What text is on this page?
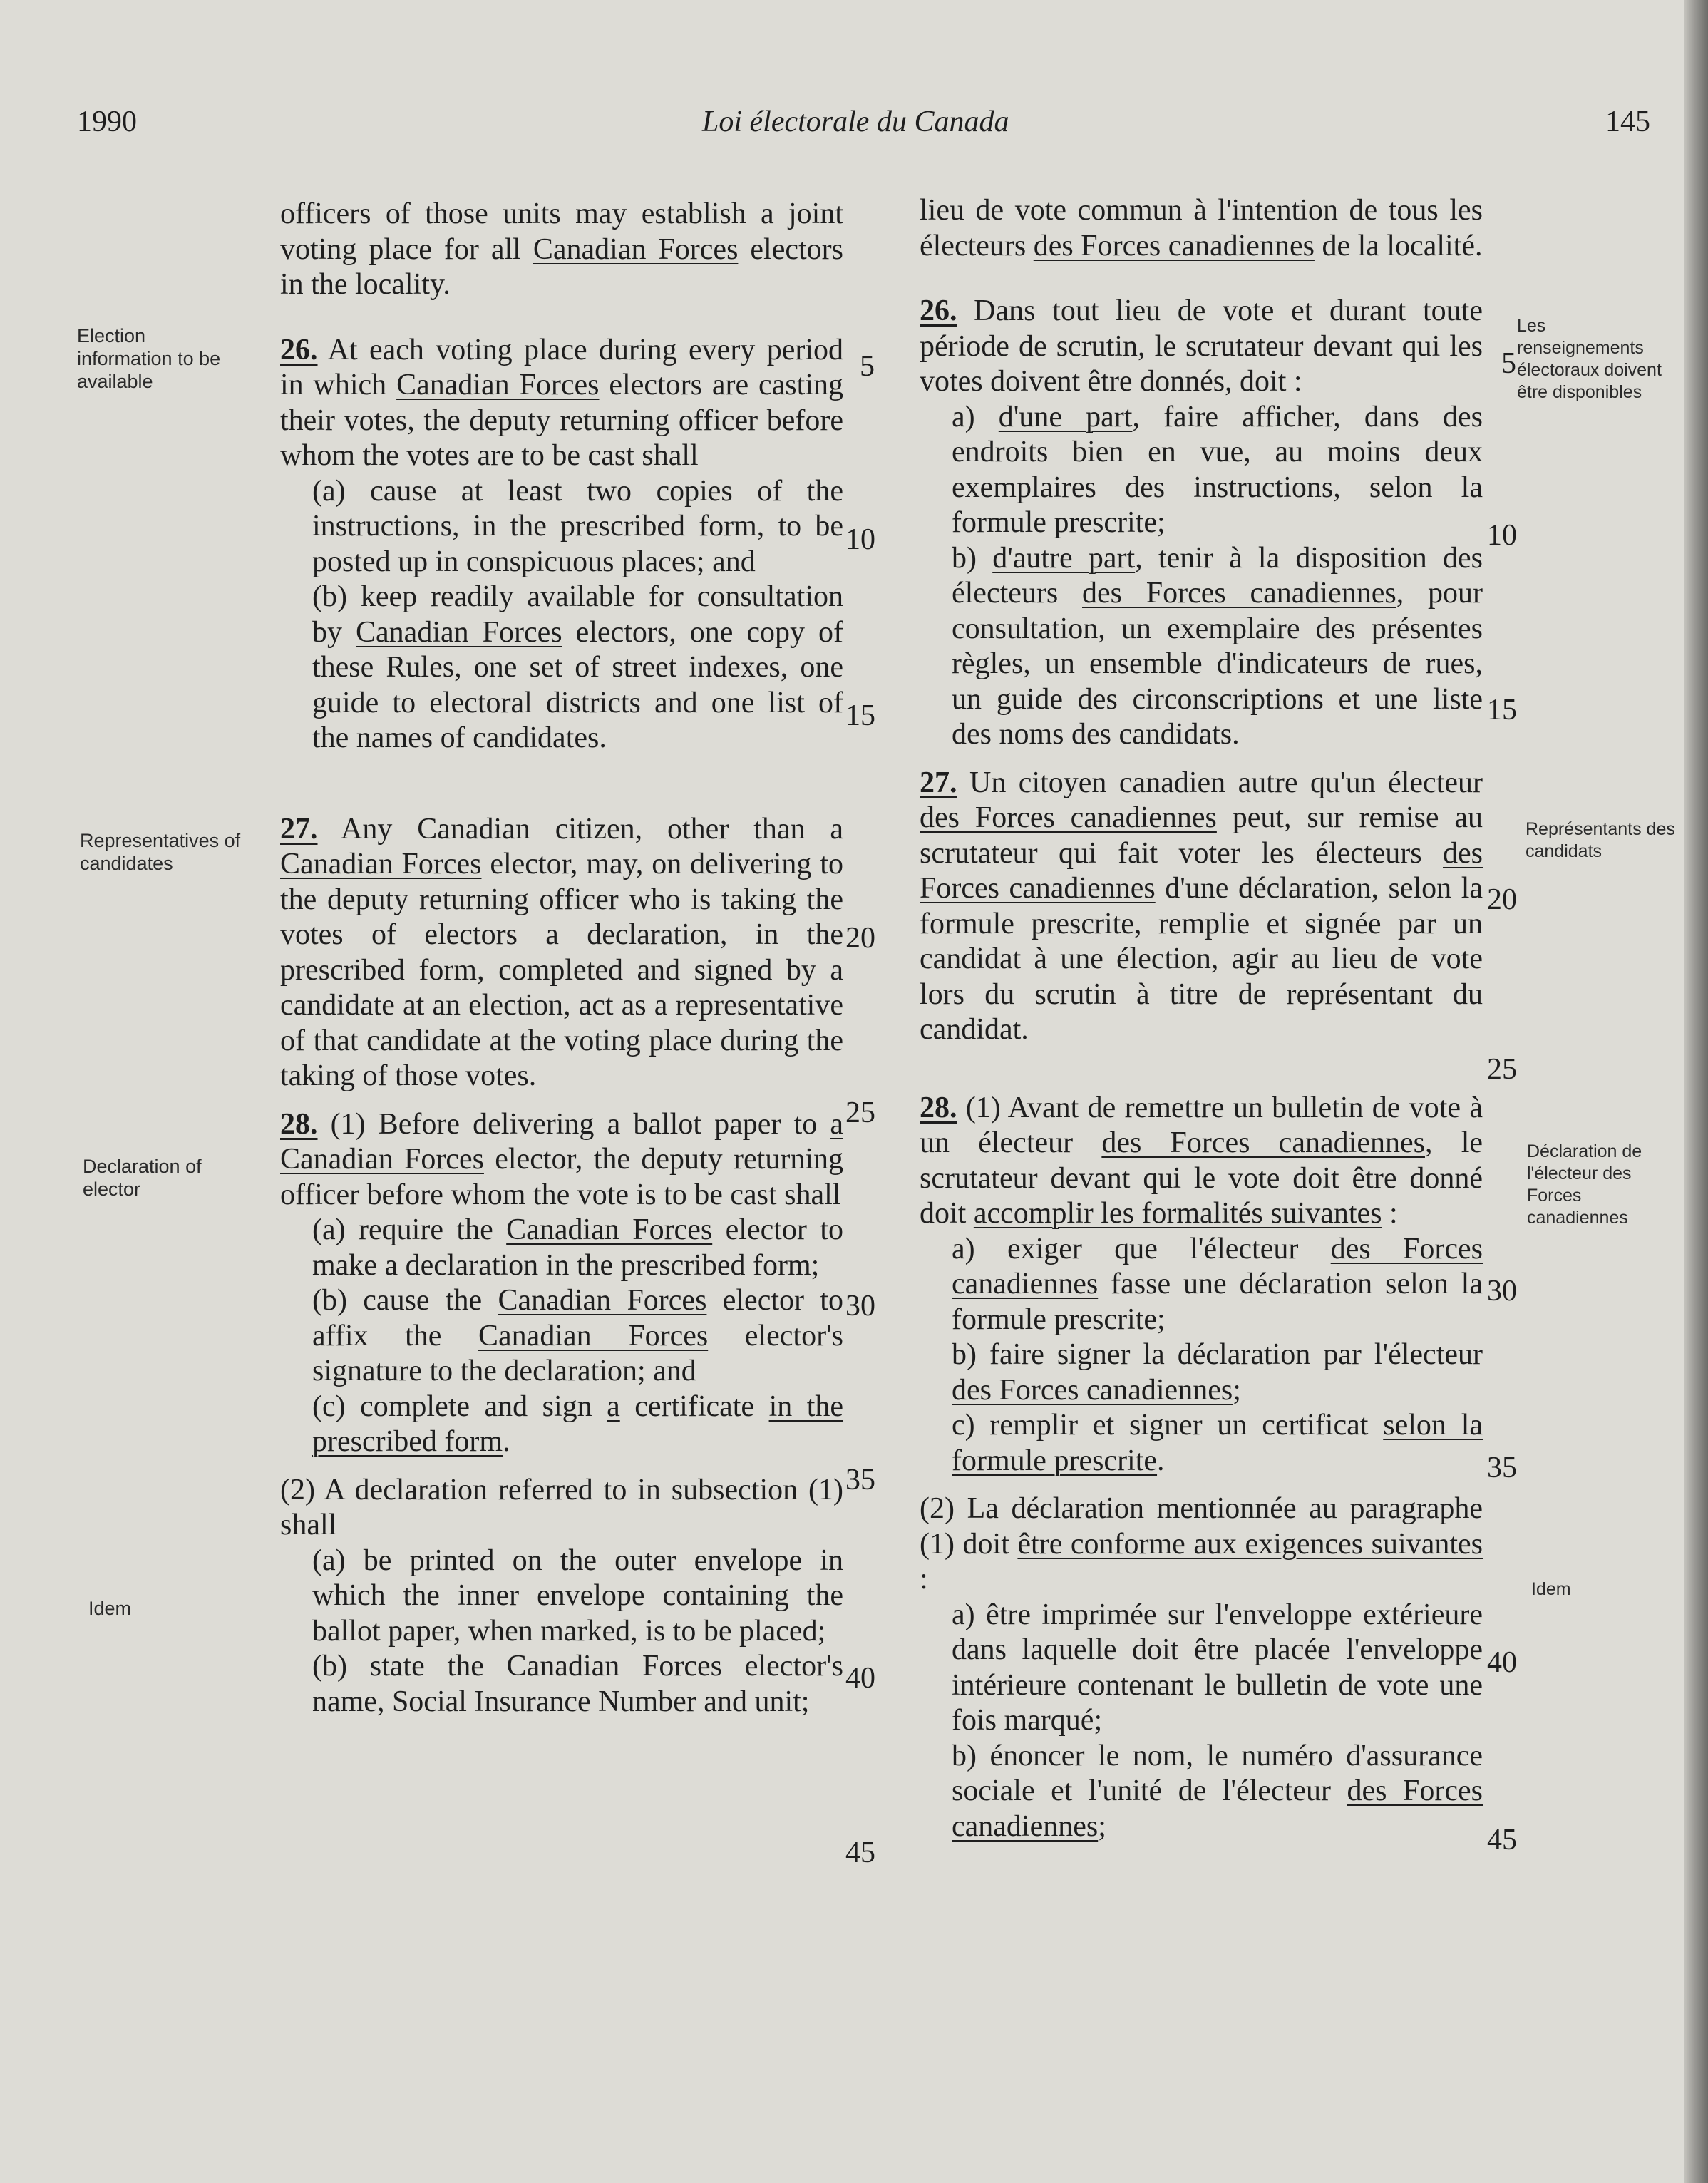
1990	Loi électorale du Canada	145
Election information to be available
Representatives of candidates
Declaration of elector
Idem
Les renseignements électoraux doivent être disponibles
Représentants des candidats
Déclaration de l'électeur des Forces canadiennes
Idem

officers of those units may establish a joint voting place for all Canadian Forces electors in the locality.

26. At each voting place during every period in which Canadian Forces electors are casting their votes, the deputy returning officer before whom the votes are to be cast shall

(a) cause at least two copies of the instructions, in the prescribed form, to be posted up in conspicuous places; and

(b) keep readily available for consultation by Canadian Forces electors, one copy of these Rules, one set of street indexes, one guide to electoral districts and one list of the names of candidates.

27. Any Canadian citizen, other than a Canadian Forces elector, may, on delivering to the deputy returning officer who is taking the votes of electors a declaration, in the prescribed form, completed and signed by a candidate at an election, act as a representative of that candidate at the voting place during the taking of those votes.

28. (1) Before delivering a ballot paper to a Canadian Forces elector, the deputy returning officer before whom the vote is to be cast shall

(a) require the Canadian Forces elector to make a declaration in the prescribed form;

(b) cause the Canadian Forces elector to affix the Canadian Forces elector's signature to the declaration; and

(c) complete and sign a certificate in the prescribed form.

(2) A declaration referred to in subsection (1) shall

(a) be printed on the outer envelope in which the inner envelope containing the ballot paper, when marked, is to be placed;

(b) state the Canadian Forces elector's name, Social Insurance Number and unit;

lieu de vote commun à l'intention de tous les électeurs des Forces canadiennes de la localité.

26. Dans tout lieu de vote et durant toute période de scrutin, le scrutateur devant qui les votes doivent être donnés, doit :

a) d'une part, faire afficher, dans des endroits bien en vue, au moins deux exemplaires des instructions, selon la formule prescrite;

b) d'autre part, tenir à la disposition des électeurs des Forces canadiennes, pour consultation, un exemplaire des présentes règles, un ensemble d'indicateurs de rues, un guide des circonscriptions et une liste des noms des candidats.

27. Un citoyen canadien autre qu'un électeur des Forces canadiennes peut, sur remise au scrutateur qui fait voter les électeurs des Forces canadiennes d'une déclaration, selon la formule prescrite, remplie et signée par un candidat à une élection, agir au lieu de vote lors du scrutin à titre de représentant du candidat.

28. (1) Avant de remettre un bulletin de vote à un électeur des Forces canadiennes, le scrutateur devant qui le vote doit être donné doit accomplir les formalités suivantes :

a) exiger que l'électeur des Forces canadiennes fasse une déclaration selon la formule prescrite;

b) faire signer la déclaration par l'électeur des Forces canadiennes;

c) remplir et signer un certificat selon la formule prescrite.

(2) La déclaration mentionnée au paragraphe (1) doit être conforme aux exigences suivantes :

a) être imprimée sur l'enveloppe extérieure dans laquelle doit être placée l'enveloppe intérieure contenant le bulletin de vote une fois marqué;

b) énoncer le nom, le numéro d'assurance sociale et l'unité de l'électeur des Forces canadiennes;

5
10
15
20
25
30
35
40
45
5
10
15
20
25
30
35
40
45
